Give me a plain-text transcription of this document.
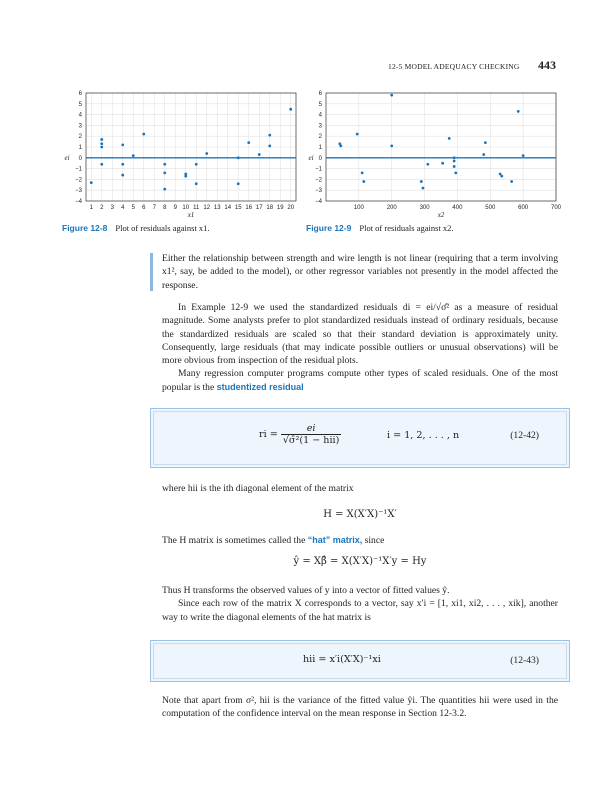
12-5 MODEL ADEQUACY CHECKING 443
1 2 3 4 5 6 7 8 9 10 11 12 13 14 15 16 17 18 19 20
−4
−3
−2
−1
0
1
2
3
4
5
6
x1
ei
100	200	300	400	500	600	700
−4
−3
−2
−1
0
1
2
3
4
5
6
x2
ei
Figure 12-8 Plot of residuals against x1.	Figure 12-9 Plot of residuals against x2.

Either the relationship between strength and wire length is not linear (requiring that a term involving x1², say, be added to the model), or other regressor variables not presently in the model affected the response.

In Example 12-9 we used the standardized residuals di = ei/√σ̂² as a measure of residual magnitude. Some analysts prefer to plot standardized residuals instead of ordinary residuals, because the standardized residuals are scaled so that their standard deviation is approximately unity. Consequently, large residuals (that may indicate possible outliers or unusual observations) will be more obvious from inspection of the residual plots.

Many regression computer programs compute other types of scaled residuals. One of the most popular is the studentized residual

ri = $\frac{ei}{\text{√σ̂²(1 − hii)}}$	i = 1, 2, . . . , n	(12-42)

where hii is the ith diagonal element of the matrix

H = X(X′X)⁻¹X′

The H matrix is sometimes called the “hat” matrix, since

ŷ = Xβ̂ = X(X′X)⁻¹X′y = Hy

Thus H transforms the observed values of y into a vector of fitted values ŷ.

Since each row of the matrix X corresponds to a vector, say x′i = [1, xi1, xi2, . . . , xik], another way to write the diagonal elements of the hat matrix is

hii = x′i(X′X)⁻¹xi	(12-43)

Note that apart from σ², hii is the variance of the fitted value ŷi. The quantities hii were used in the computation of the confidence interval on the mean response in Section 12-3.2.
